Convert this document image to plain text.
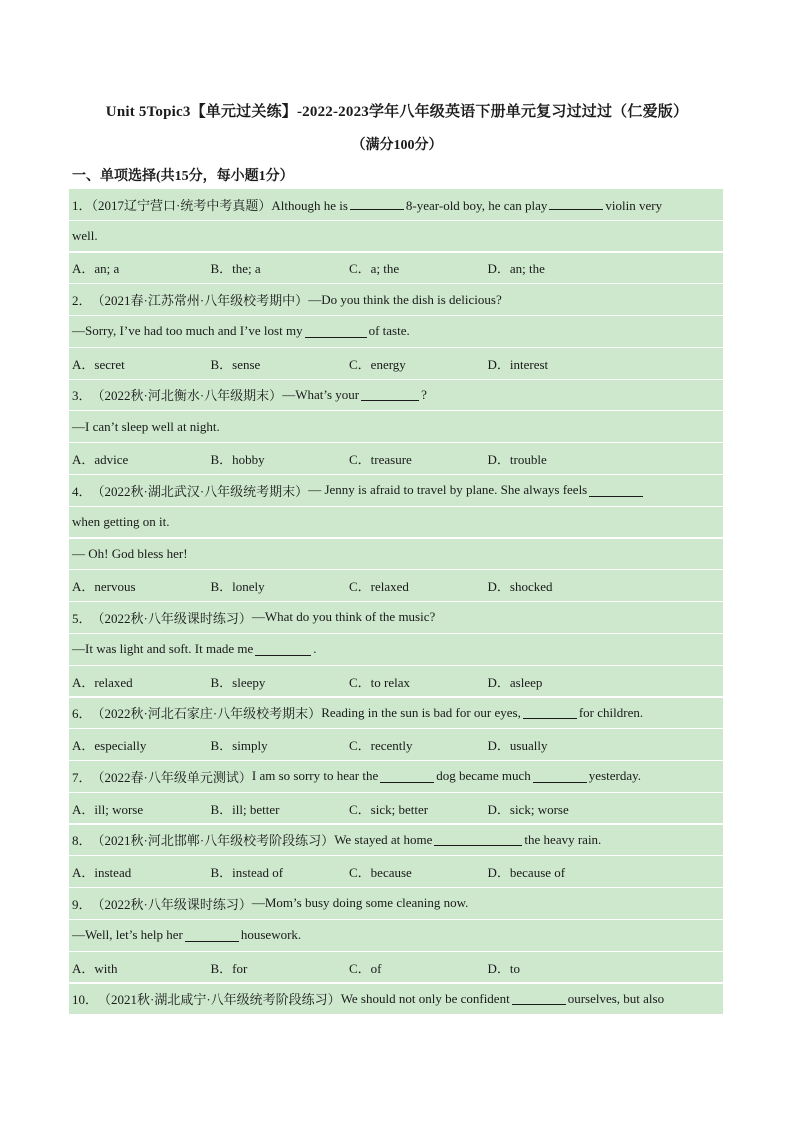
Unit 5Topic3【单元过关练】-2022-2023学年八年级英语下册单元复习过过过（仁爱版）
（满分100分）
一、单项选择(共15分，每小题1分）
1．（2017辽宁营口·统考中考真题）Although he is	8-year-old boy, he can play	violin very
well.
A．an; a	B．the; a	C．a; the	D．an; the
2． （2021春·江苏常州·八年级校考期中） —Do you think the dish is delicious?
—Sorry, I’ve had too much and I’ve lost my	of taste.
A．secret	B．sense	C．energy	D．interest
3． （2022秋·河北衡水·八年级期末） —What’s your	?
—I can’t sleep well at night.
A．advice	B．hobby	C．treasure	D．trouble
4． （2022秋·湖北武汉·八年级统考期末） — Jenny is afraid to travel by plane. She always feels
when getting on it.
— Oh! God bless her!
A．nervous	B．lonely	C．relaxed	D．shocked
5． （2022秋·八年级课时练习） —What do you think of the music?
—It was light and soft. It made me	.
A．relaxed	B．sleepy	C．to relax	D．asleep
6． （2022秋·河北石家庄·八年级校考期末） Reading in the sun is bad for our eyes,	for children.
A．especially	B．simply	C．recently	D．usually
7． （2022春·八年级单元测试） I am so sorry to hear the	dog became much	yesterday.
A．ill; worse	B．ill; better	C．sick; better	D．sick; worse
8． （2021秋·河北邯郸·八年级校考阶段练习） We stayed at home	the heavy rain.
A．instead	B．instead of	C．because	D．because of
9． （2022秋·八年级课时练习） —Mom’s busy doing some cleaning now.
—Well, let’s help her	housework.
A．with	B．for	C．of	D．to
10． （2021秋·湖北咸宁·八年级统考阶段练习） We should not only be confident	ourselves, but also
